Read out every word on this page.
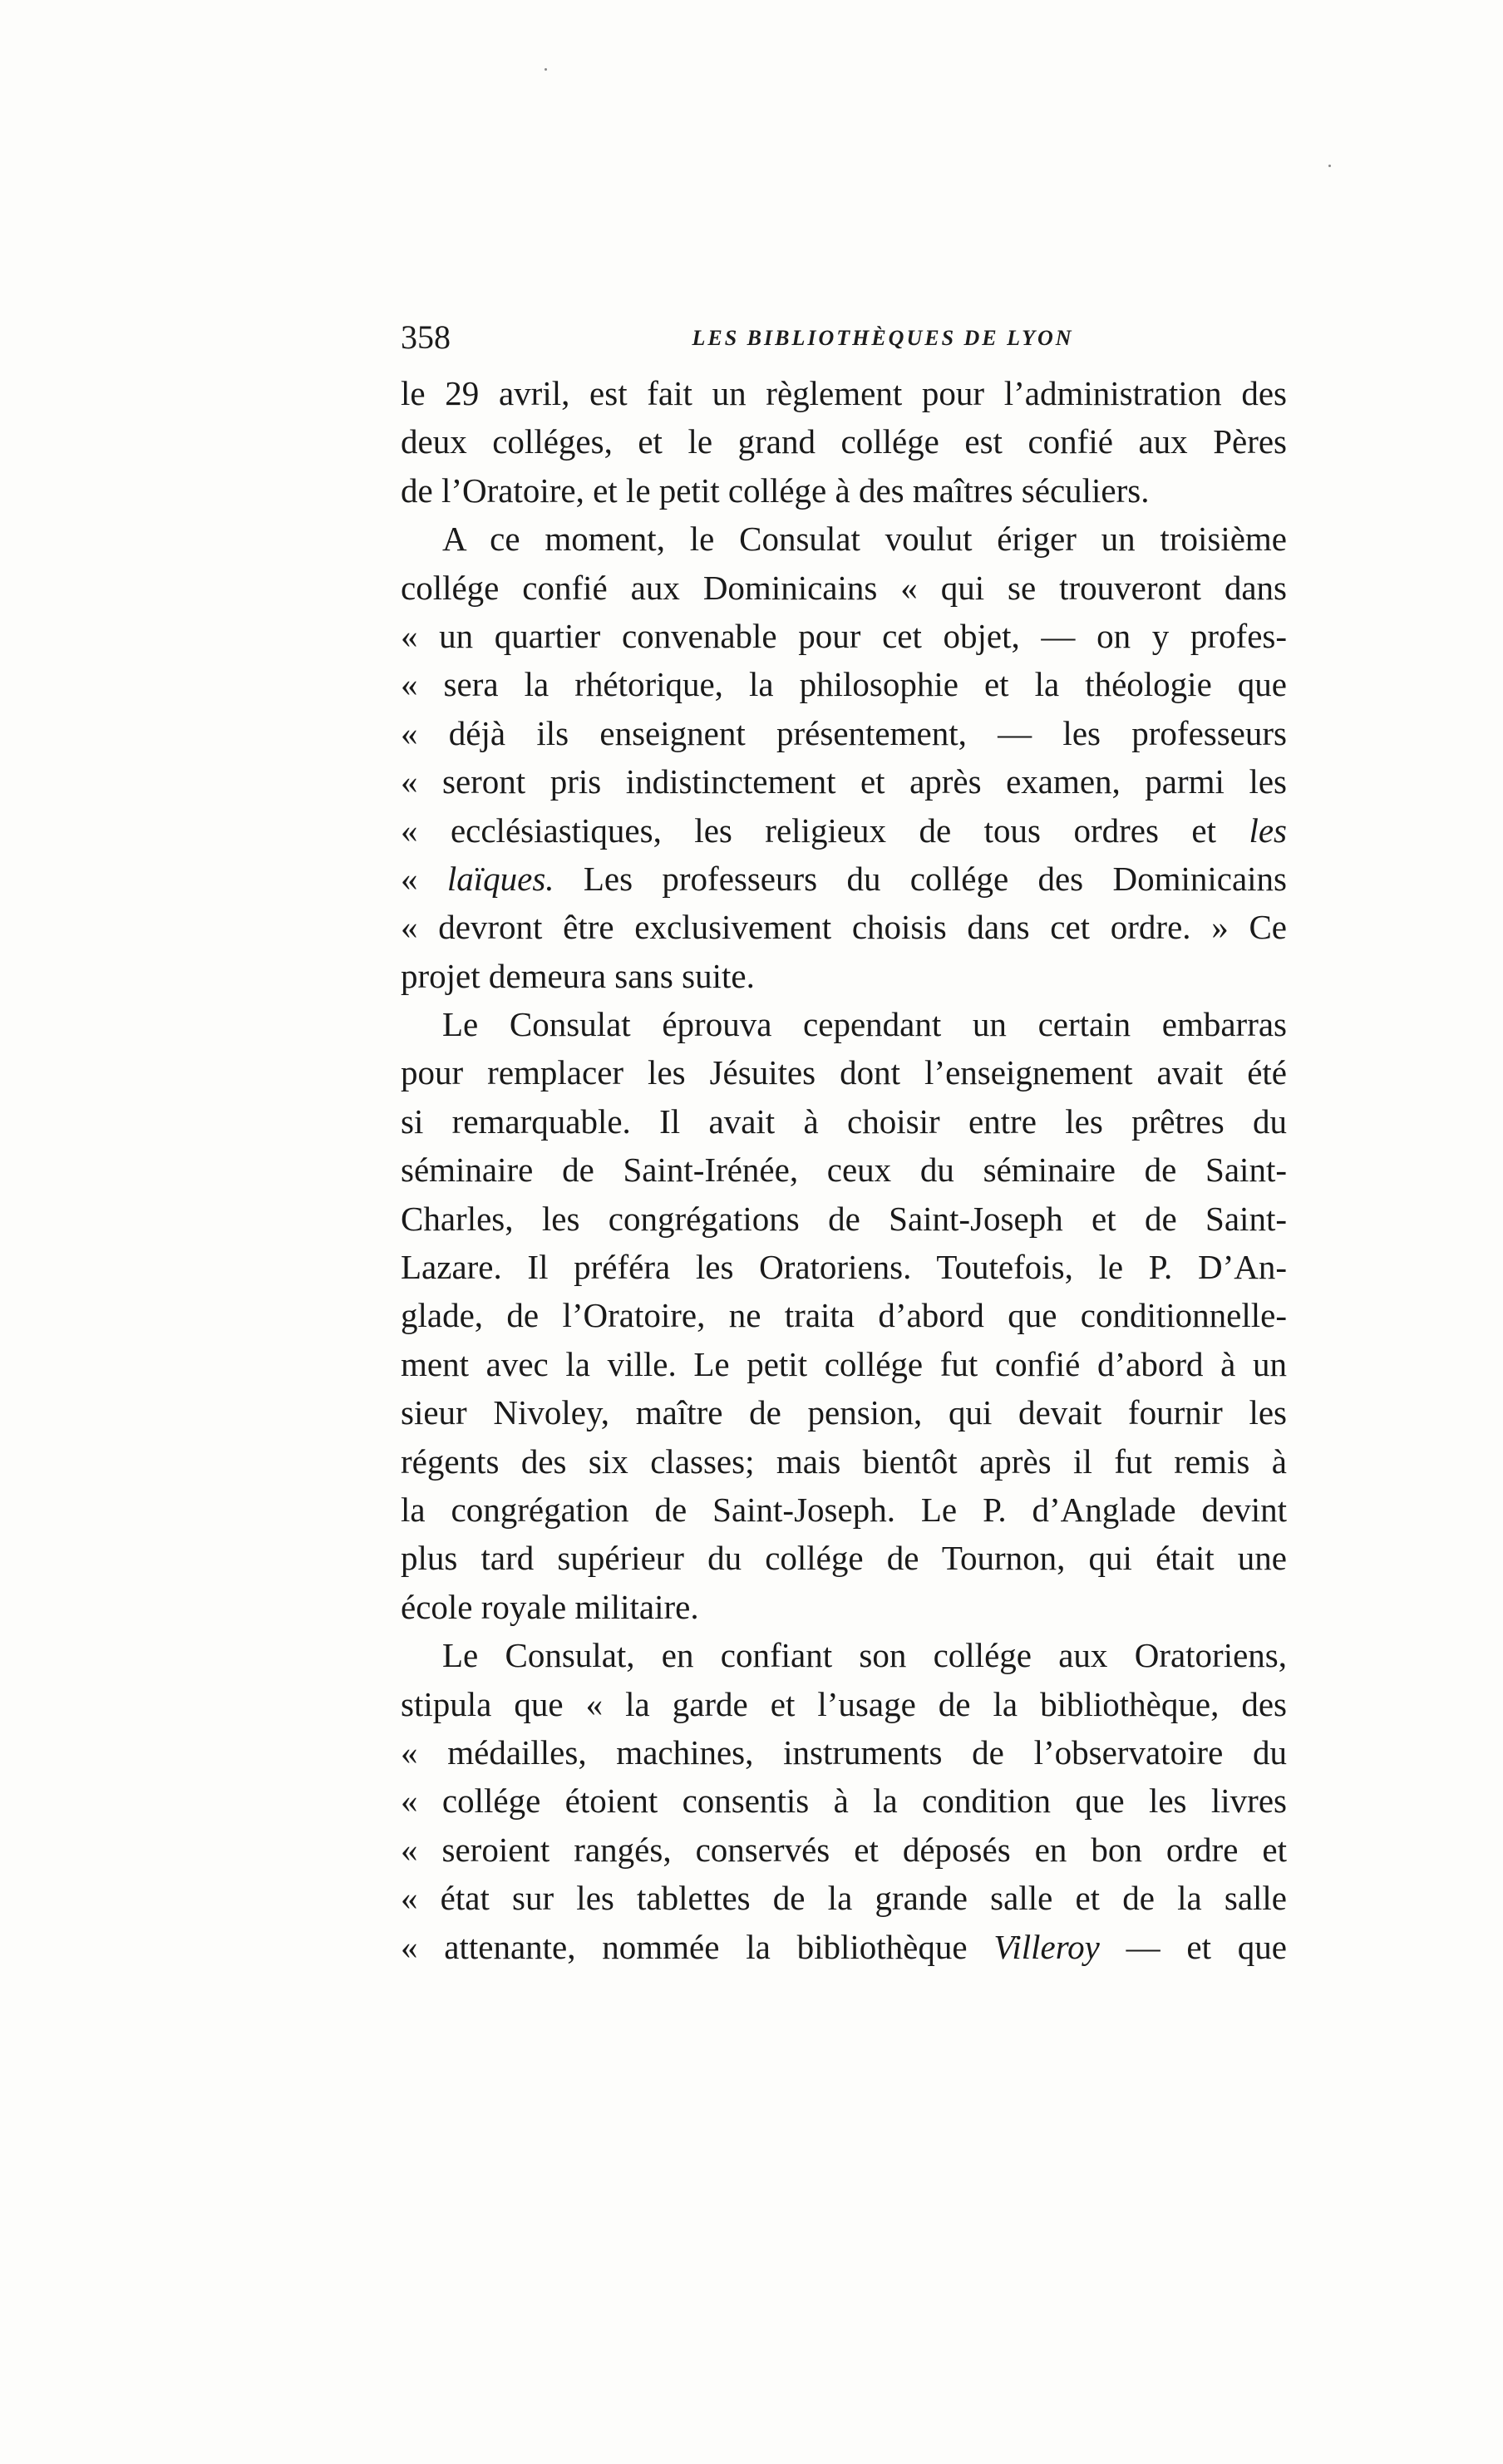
358	LES BIBLIOTHÈQUES DE LYON
le 29 avril, est fait un règlement pour l’administration des
deux colléges, et le grand collége est confié aux Pères
de l’Oratoire, et le petit collége à des maîtres séculiers.
A ce moment, le Consulat voulut ériger un troisième
collége confié aux Dominicains « qui se trouveront dans
« un quartier convenable pour cet objet, — on y profes-
« sera la rhétorique, la philosophie et la théologie que
« déjà ils enseignent présentement, — les professeurs
« seront pris indistinctement et après examen, parmi les
« ecclésiastiques, les religieux de tous ordres et les
« laïques. Les professeurs du collége des Dominicains
« devront être exclusivement choisis dans cet ordre. » Ce
projet demeura sans suite.
Le Consulat éprouva cependant un certain embarras
pour remplacer les Jésuites dont l’enseignement avait été
si remarquable. Il avait à choisir entre les prêtres du
séminaire de Saint-Irénée, ceux du séminaire de Saint-
Charles, les congrégations de Saint-Joseph et de Saint-
Lazare. Il préféra les Oratoriens. Toutefois, le P. D’An-
glade, de l’Oratoire, ne traita d’abord que conditionnelle-
ment avec la ville. Le petit collége fut confié d’abord à un
sieur Nivoley, maître de pension, qui devait fournir les
régents des six classes; mais bientôt après il fut remis à
la congrégation de Saint-Joseph. Le P. d’Anglade devint
plus tard supérieur du collége de Tournon, qui était une
école royale militaire.
Le Consulat, en confiant son collége aux Oratoriens,
stipula que « la garde et l’usage de la bibliothèque, des
« médailles, machines, instruments de l’observatoire du
« collége étoient consentis à la condition que les livres
« seroient rangés, conservés et déposés en bon ordre et
« état sur les tablettes de la grande salle et de la salle
« attenante, nommée la bibliothèque Villeroy — et que
